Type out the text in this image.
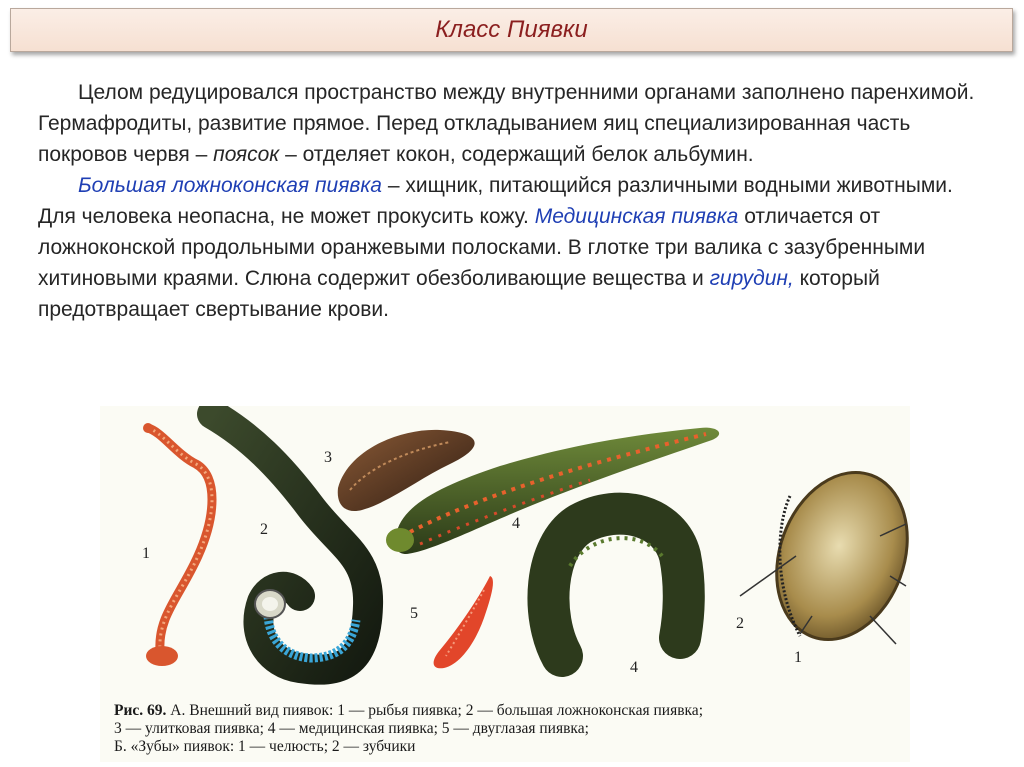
Класс Пиявки

Целом редуцировался пространство между внутренними органами заполнено паренхимой. Гермафродиты, развитие прямое. Перед откладыванием яиц специализированная часть покровов червя – поясок – отделяет кокон, содержащий белок альбумин.

Большая ложноконская пиявка – хищник, питающийся различными водными животными. Для человека неопасна, не может прокусить кожу. Медицинская пиявка отличается от ложноконской продольными оранжевыми полосками. В глотке три валика с зазубренными хитиновыми краями. Слюна содержит обезболивающие вещества и гирудин, который предотвращает свертывание крови.

1
2
3
4
5
4
2
1

Рис. 69. А. Внешний вид пиявок: 1 — рыбья пиявка; 2 — большая ложноконская пиявка;

3 — улитковая пиявка; 4 — медицинская пиявка; 5 — двуглазая пиявка;

Б. «Зубы» пиявок: 1 — челюсть; 2 — зубчики
